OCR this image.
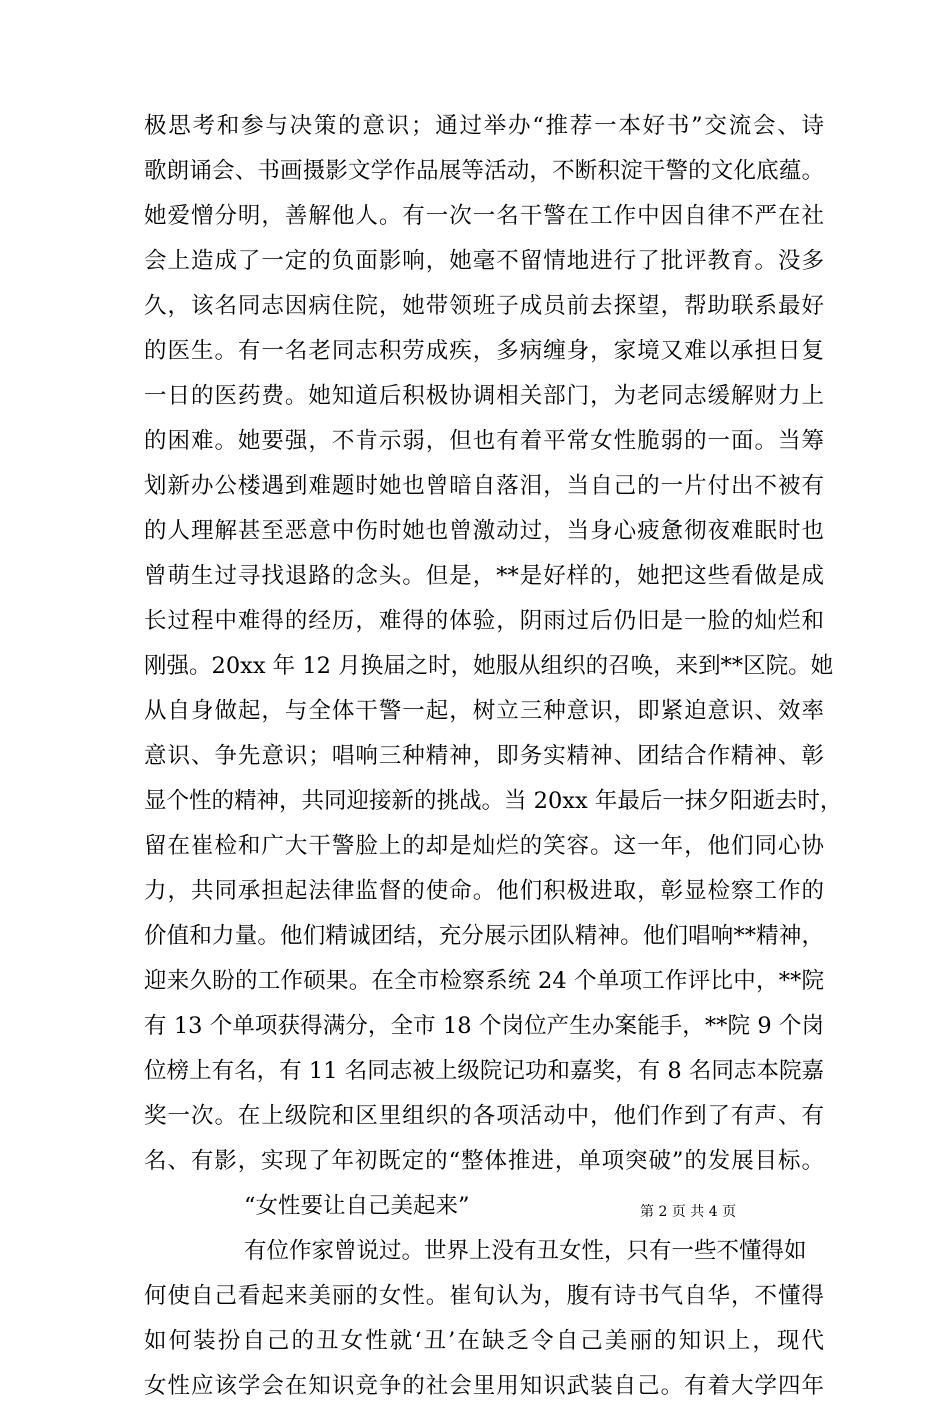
极思考和参与决策的意识；通过举办“推荐一本好书”交流会、诗
歌朗诵会、书画摄影文学作品展等活动，不断积淀干警的文化底蕴。
她爱憎分明，善解他人。有一次一名干警在工作中因自律不严在社
会上造成了一定的负面影响，她毫不留情地进行了批评教育。没多
久，该名同志因病住院，她带领班子成员前去探望，帮助联系最好
的医生。有一名老同志积劳成疾，多病缠身，家境又难以承担日复
一日的医药费。她知道后积极协调相关部门，为老同志缓解财力上
的困难。她要强，不肯示弱，但也有着平常女性脆弱的一面。当筹
划新办公楼遇到难题时她也曾暗自落泪，当自己的一片付出不被有
的人理解甚至恶意中伤时她也曾激动过，当身心疲惫彻夜难眠时也
曾萌生过寻找退路的念头。但是，**是好样的，她把这些看做是成
长过程中难得的经历，难得的体验，阴雨过后仍旧是一脸的灿烂和
刚强。20xx 年 12 月换届之时，她服从组织的召唤，来到**区院。她
从自身做起，与全体干警一起，树立三种意识，即紧迫意识、效率
意识、争先意识；唱响三种精神，即务实精神、团结合作精神、彰
显个性的精神，共同迎接新的挑战。当 20xx 年最后一抹夕阳逝去时，
留在崔检和广大干警脸上的却是灿烂的笑容。这一年，他们同心协
力，共同承担起法律监督的使命。他们积极进取，彰显检察工作的
价值和力量。他们精诚团结，充分展示团队精神。他们唱响**精神，
迎来久盼的工作硕果。在全市检察系统 24 个单项工作评比中，**院
有 13 个单项获得满分，全市 18 个岗位产生办案能手，**院 9 个岗
位榜上有名，有 11 名同志被上级院记功和嘉奖，有 8 名同志本院嘉
奖一次。在上级院和区里组织的各项活动中，他们作到了有声、有
名、有影，实现了年初既定的“整体推进，单项突破”的发展目标。
“女性要让自己美起来”
有位作家曾说过。世界上没有丑女性，只有一些不懂得如
何使自己看起来美丽的女性。崔旬认为，腹有诗书气自华，不懂得
如何装扮自己的丑女性就‘丑’在缺乏令自己美丽的知识上，现代
女性应该学会在知识竞争的社会里用知识武装自己。有着大学四年
第 2 页 共 4 页
